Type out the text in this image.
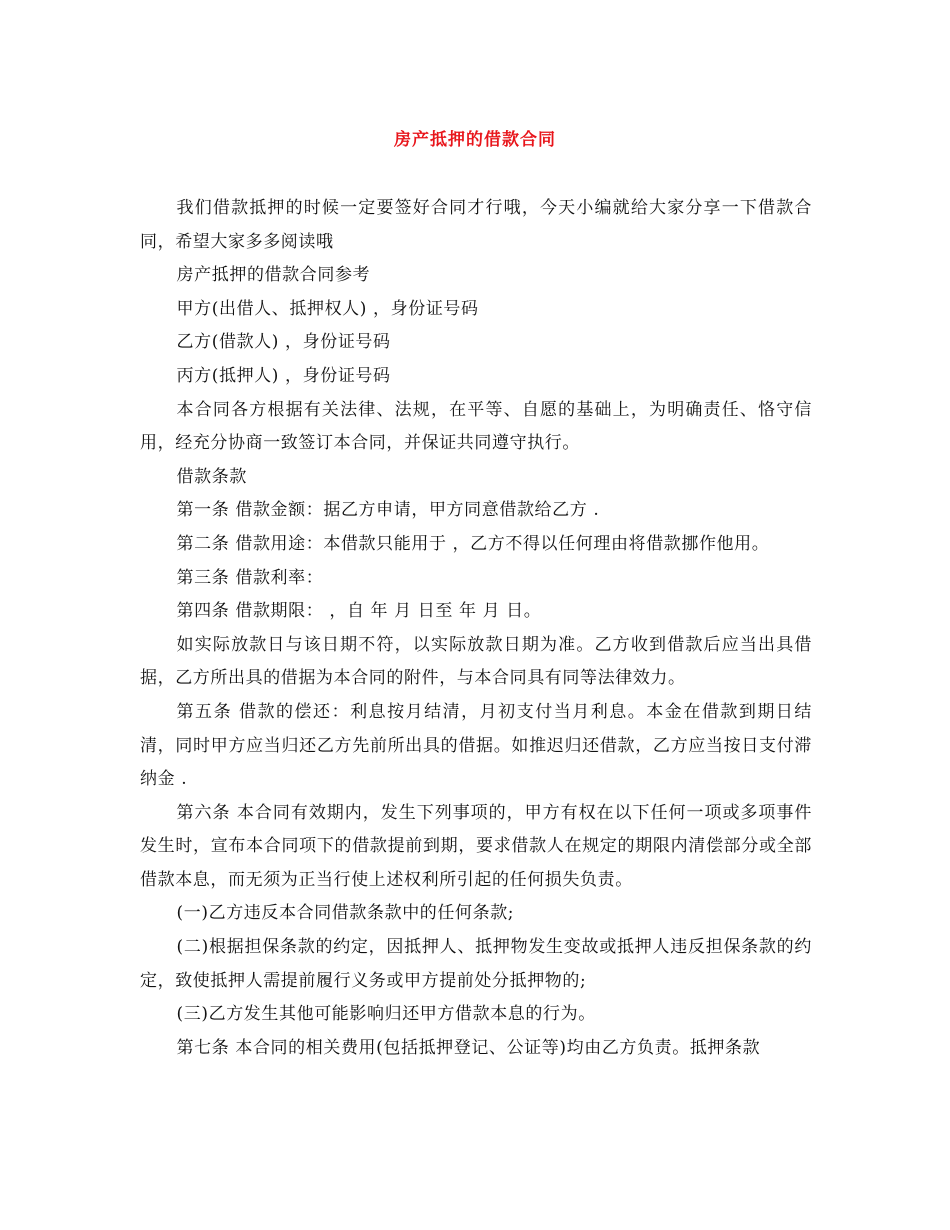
房产抵押的借款合同

我们借款抵押的时候一定要签好合同才行哦，今天小编就给大家分享一下借款合同，希望大家多多阅读哦

房产抵押的借款合同参考

甲方(出借人、抵押权人) ，身份证号码

乙方(借款人) ，身份证号码

丙方(抵押人) ，身份证号码

本合同各方根据有关法律、法规，在平等、自愿的基础上，为明确责任、恪守信用，经充分协商一致签订本合同，并保证共同遵守执行。

借款条款

第一条 借款金额：据乙方申请，甲方同意借款给乙方 .

第二条 借款用途：本借款只能用于 ，乙方不得以任何理由将借款挪作他用。

第三条 借款利率：

第四条 借款期限： ，自 年 月 日至 年 月 日。

如实际放款日与该日期不符，以实际放款日期为准。乙方收到借款后应当出具借据，乙方所出具的借据为本合同的附件，与本合同具有同等法律效力。

第五条 借款的偿还：利息按月结清，月初支付当月利息。本金在借款到期日结清，同时甲方应当归还乙方先前所出具的借据。如推迟归还借款，乙方应当按日支付滞纳金 .

第六条 本合同有效期内，发生下列事项的，甲方有权在以下任何一项或多项事件发生时，宣布本合同项下的借款提前到期，要求借款人在规定的期限内清偿部分或全部借款本息，而无须为正当行使上述权利所引起的任何损失负责。

(一)乙方违反本合同借款条款中的任何条款;

(二)根据担保条款的约定，因抵押人、抵押物发生变故或抵押人违反担保条款的约定，致使抵押人需提前履行义务或甲方提前处分抵押物的;

(三)乙方发生其他可能影响归还甲方借款本息的行为。

第七条 本合同的相关费用(包括抵押登记、公证等)均由乙方负责。抵押条款
